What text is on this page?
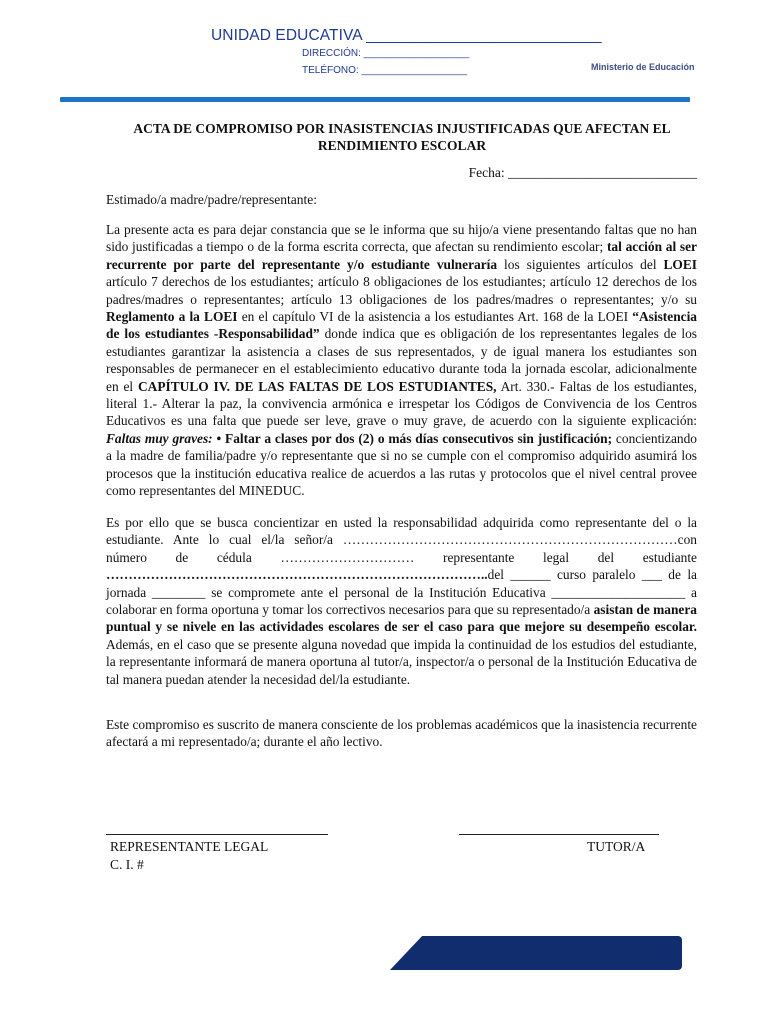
UNIDAD EDUCATIVA ___________________________
DIRECCIÓN: ___________________
TELÉFONO: ___________________	Ministerio de Educación
ACTA DE COMPROMISO POR INASISTENCIAS INJUSTIFICADAS QUE AFECTAN EL RENDIMIENTO ESCOLAR
Fecha: ____________________________
Estimado/a madre/padre/representante:
La presente acta es para dejar constancia que se le informa que su hijo/a viene presentando faltas que no han sido justificadas a tiempo o de la forma escrita correcta, que afectan su rendimiento escolar; tal acción al ser recurrente por parte del representante y/o estudiante vulneraría los siguientes artículos del LOEI artículo 7 derechos de los estudiantes; artículo 8 obligaciones de los estudiantes; artículo 12 derechos de los padres/madres o representantes; artículo 13 obligaciones de los padres/madres o representantes; y/o su Reglamento a la LOEI en el capítulo VI de la asistencia a los estudiantes Art. 168 de la LOEI “Asistencia de los estudiantes -Responsabilidad” donde indica que es obligación de los representantes legales de los estudiantes garantizar la asistencia a clases de sus representados, y de igual manera los estudiantes son responsables de permanecer en el establecimiento educativo durante toda la jornada escolar, adicionalmente en el CAPÍTULO IV. DE LAS FALTAS DE LOS ESTUDIANTES, Art. 330.- Faltas de los estudiantes, literal 1.- Alterar la paz, la convivencia armónica e irrespetar los Códigos de Convivencia de los Centros Educativos es una falta que puede ser leve, grave o muy grave, de acuerdo con la siguiente explicación: Faltas muy graves: • Faltar a clases por dos (2) o más días consecutivos sin justificación; concientizando a la madre de familia/padre y/o representante que si no se cumple con el compromiso adquirido asumirá los procesos que la institución educativa realice de acuerdos a las rutas y protocolos que el nivel central provee como representantes del MINEDUC.
Es por ello que se busca concientizar en usted la responsabilidad adquirida como representante del o la estudiante. Ante lo cual el/la señor/a …………………………………………………………………con número de cédula ………………………… representante legal del estudiante …………………………………………………………………………..del ______ curso paralelo ___ de la jornada ________ se compromete ante el personal de la Institución Educativa ____________________ a colaborar en forma oportuna y tomar los correctivos necesarios para que su representado/a asistan de manera puntual y se nivele en las actividades escolares de ser el caso para que mejore su desempeño escolar. Además, en el caso que se presente alguna novedad que impida la continuidad de los estudios del estudiante, la representante informará de manera oportuna al tutor/a, inspector/a o personal de la Institución Educativa de tal manera puedan atender la necesidad del/la estudiante.
Este compromiso es suscrito de manera consciente de los problemas académicos que la inasistencia recurrente afectará a mi representado/a; durante el año lectivo.
REPRESENTANTE LEGAL
C. I. #
TUTOR/A
